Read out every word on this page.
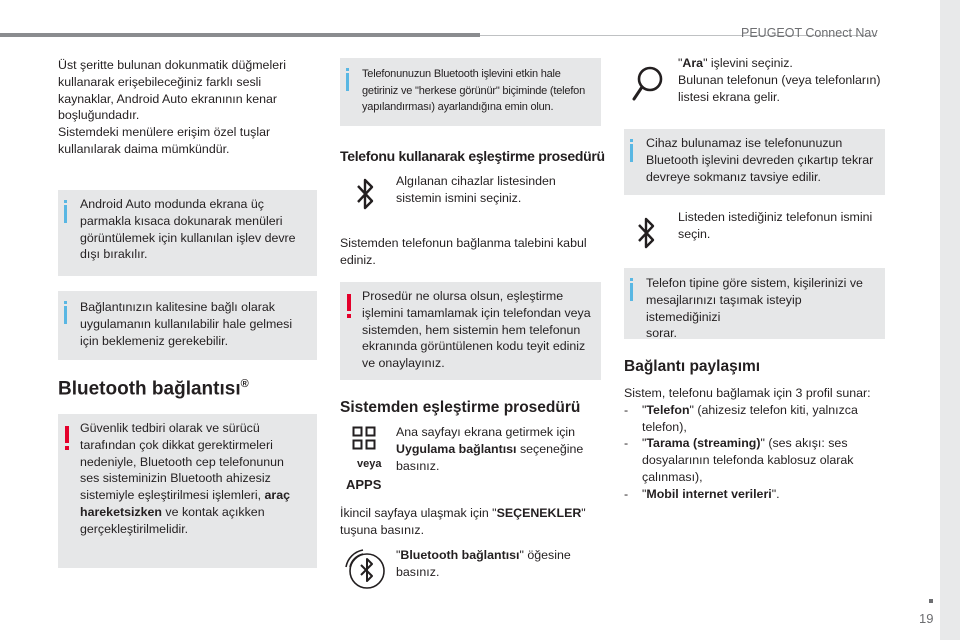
PEUGEOT Connect Nav
19

Üst şeritte bulunan dokunmatik düğmeleri

kullanarak erişebileceğiniz farklı sesli

kaynaklar, Android Auto ekranının kenar

boşluğundadır.

Sistemdeki menülere erişim özel tuşlar

kullanılarak daima mümkündür.

Android Auto modunda ekrana üç

parmakla kısaca dokunarak menüleri

görüntülemek için kullanılan işlev devre

dışı bırakılır.

Bağlantınızın kalitesine bağlı olarak

uygulamanın kullanılabilir hale gelmesi

için beklemeniz gerekebilir.

Bluetooth bağlantısı®

Güvenlik tedbiri olarak ve sürücü

tarafından çok dikkat gerektirmeleri

nedeniyle, Bluetooth cep telefonunun

ses sisteminizin Bluetooth ahizesiz

sistemiyle eşleştirilmesi işlemleri, araç

hareketsizken ve kontak açıkken

gerçekleştirilmelidir.

Telefonunuzun Bluetooth işlevini etkin hale

getiriniz ve "herkese görünür" biçiminde (telefon

yapılandırması) ayarlandığına emin olun.

Telefonu kullanarak eşleştirme prosedürü

Algılanan cihazlar listesinden

sistemin ismini seçiniz.

Sistemden telefonun bağlanma talebini kabul

ediniz.

Prosedür ne olursa olsun, eşleştirme

işlemini tamamlamak için telefondan veya

sistemden, hem sistemin hem telefonun

ekranında görüntülenen kodu teyit ediniz

ve onaylayınız.

Sistemden eşleştirme prosedürü
veya
APPS

Ana sayfayı ekrana getirmek için

Uygulama bağlantısı seçeneğine

basınız.

İkincil sayfaya ulaşmak için "SEÇENEKLER"

tuşuna basınız.

"Bluetooth bağlantısı" öğesine

basınız.

"Ara" işlevini seçiniz.

Bulunan telefonun (veya telefonların)

listesi ekrana gelir.

Cihaz bulunamaz ise telefonunuzun

Bluetooth işlevini devreden çıkartıp tekrar

devreye sokmanız tavsiye edilir.

Listeden istediğiniz telefonun ismini

seçin.

Telefon tipine göre sistem, kişilerinizi ve

mesajlarınızı taşımak isteyip istemediğinizi

sorar.

Bağlantı paylaşımı

Sistem, telefonu bağlamak için 3 profil sunar:

- "Telefon" (ahizesiz telefon kiti, yalnızca

telefon),

- "Tarama (streaming)" (ses akışı: ses

dosyalarının telefonda kablosuz olarak

çalınması),

- "Mobil internet verileri".
